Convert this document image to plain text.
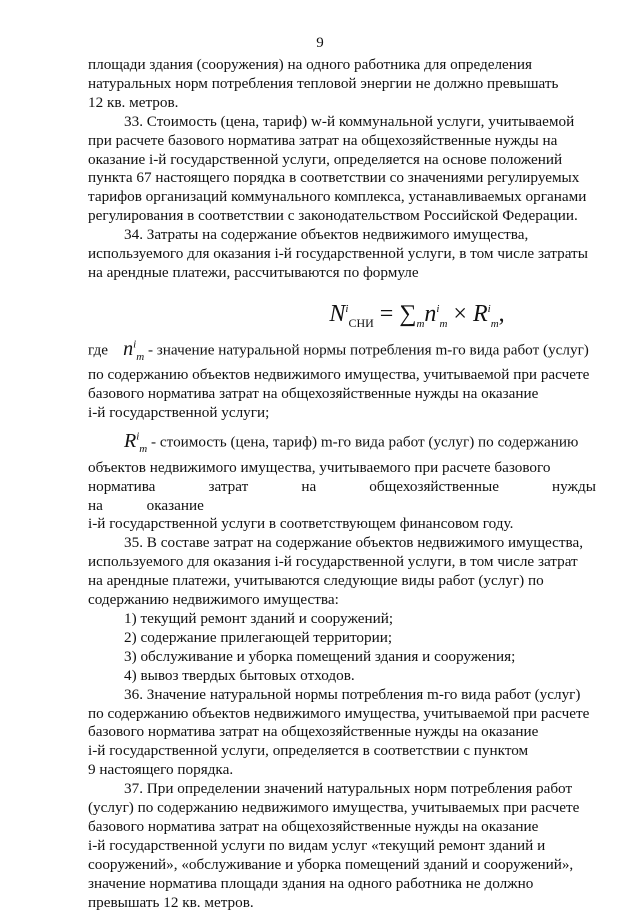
9

площади здания (сооружения) на одного работника для определения

натуральных норм потребления тепловой энергии не должно превышать

12 кв. метров.

33. Стоимость (цена, тариф) w-й коммунальной услуги, учитываемой

при расчете базового норматива затрат на общехозяйственные нужды на

оказание i-й государственной услуги, определяется на основе положений

пункта 67 настоящего порядка в соответствии со значениями регулируемых

тарифов организаций коммунального комплекса, устанавливаемых органами

регулирования в соответствии с законодательством Российской Федерации.

34. Затраты на содержание объектов недвижимого имущества,

используемого для оказания i-й государственной услуги, в том числе затраты

на арендные платежи, рассчитываются по формуле

$N^i_{СНИ} = \sum_mn^i_m \times R^i_m$,

где $n^i_m$ - значение натуральной нормы потребления m-го вида работ (услуг)

по содержанию объектов недвижимого имущества, учитываемой при расчете

базового норматива затрат на общехозяйственные нужды на оказание

i-й государственной услуги;

$R^i_m$ - стоимость (цена, тариф) m-го вида работ (услуг) по содержанию

объектов недвижимого имущества, учитываемого при расчете базового

норматива затрат на общехозяйственные нужды на оказание

i-й государственной услуги в соответствующем финансовом году.

35. В составе затрат на содержание объектов недвижимого имущества,

используемого для оказания i-й государственной услуги, в том числе затрат

на арендные платежи, учитываются следующие виды работ (услуг) по

содержанию недвижимого имущества:

1) текущий ремонт зданий и сооружений;

2) содержание прилегающей территории;

3) обслуживание и уборка помещений здания и сооружения;

4) вывоз твердых бытовых отходов.

36. Значение натуральной нормы потребления m-го вида работ (услуг)

по содержанию объектов недвижимого имущества, учитываемой при расчете

базового норматива затрат на общехозяйственные нужды на оказание

i-й государственной услуги, определяется в соответствии с пунктом

9 настоящего порядка.

37. При определении значений натуральных норм потребления работ

(услуг) по содержанию недвижимого имущества, учитываемых при расчете

базового норматива затрат на общехозяйственные нужды на оказание

i-й государственной услуги по видам услуг «текущий ремонт зданий и

сооружений», «обслуживание и уборка помещений зданий и сооружений»,

значение норматива площади здания на одного работника не должно

превышать 12 кв. метров.
